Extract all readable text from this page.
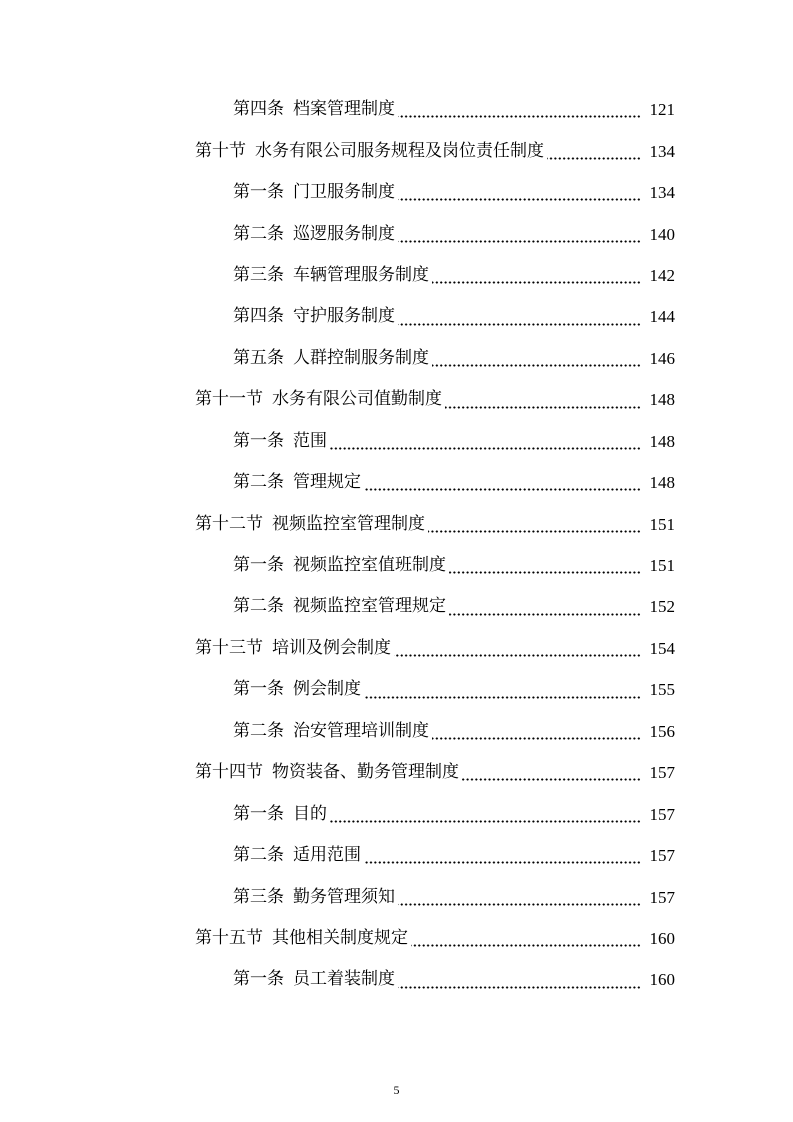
第四条 档案管理制度	121
第十节 水务有限公司服务规程及岗位责任制度	134
第一条 门卫服务制度	134
第二条 巡逻服务制度	140
第三条 车辆管理服务制度	142
第四条 守护服务制度	144
第五条 人群控制服务制度	146
第十一节 水务有限公司值勤制度	148
第一条 范围	148
第二条 管理规定	148
第十二节 视频监控室管理制度	151
第一条 视频监控室值班制度	151
第二条 视频监控室管理规定	152
第十三节 培训及例会制度	154
第一条 例会制度	155
第二条 治安管理培训制度	156
第十四节 物资装备、勤务管理制度	157
第一条 目的	157
第二条 适用范围	157
第三条 勤务管理须知	157
第十五节 其他相关制度规定	160
第一条 员工着装制度	160
5
